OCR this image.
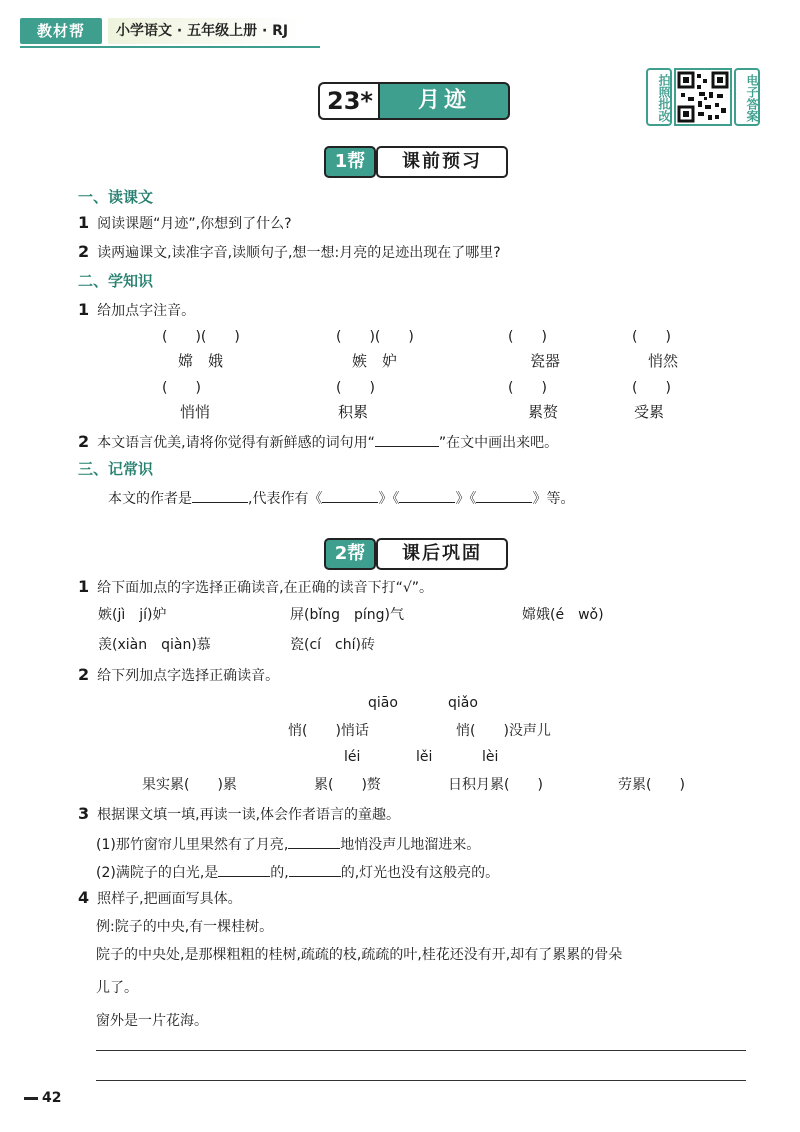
教材帮	小学语文 · 五年级上册 · RJ
23*	月迹	拍照批改	电子答案
1帮	课前预习
一、读课文
1 阅读课题“月迹”,你想到了什么?
2 读两遍课文,读准字音,读顺句子,想一想:月亮的足迹出现在了哪里?
二、学知识
1 给加点字注音。
(　　)(　　)	(　　)(　　)	(　　)	(　　)
嫦　娥	嫉　妒	瓷器	悄然
(　　)	(　　)	(　　)	(　　)
悄悄	积累	累赘	受累
2 本文语言优美,请将你觉得有新鲜感的词句用“	”在文中画出来吧。
三、记常识
本文的作者是	,代表作有《	》《	》《	》等。
2帮	课后巩固
1 给下面加点的字选择正确读音,在正确的读音下打“√”。
嫉(jì　jí)妒	屏(bǐng　píng)气	嫦娥(é　wǒ)
羡(xiàn　qiàn)慕	瓷(cí　chí)砖
2 给下列加点字选择正确读音。
qiāo	qiǎo
悄(　　)悄话	悄(　　)没声儿
léi	lěi	lèi
果实累(　　)累	累(　　)赘	日积月累(　　)	劳累(　　)
3 根据课文填一填,再读一读,体会作者语言的童趣。
(1)那竹窗帘儿里果然有了月亮,	地悄没声儿地溜进来。
(2)满院子的白光,是	的,	的,灯光也没有这般亮的。
4 照样子,把画面写具体。
例:院子的中央,有一棵桂树。
院子的中央处,是那棵粗粗的桂树,疏疏的枝,疏疏的叶,桂花还没有开,却有了累累的骨朵
儿了。
窗外是一片花海。
42
